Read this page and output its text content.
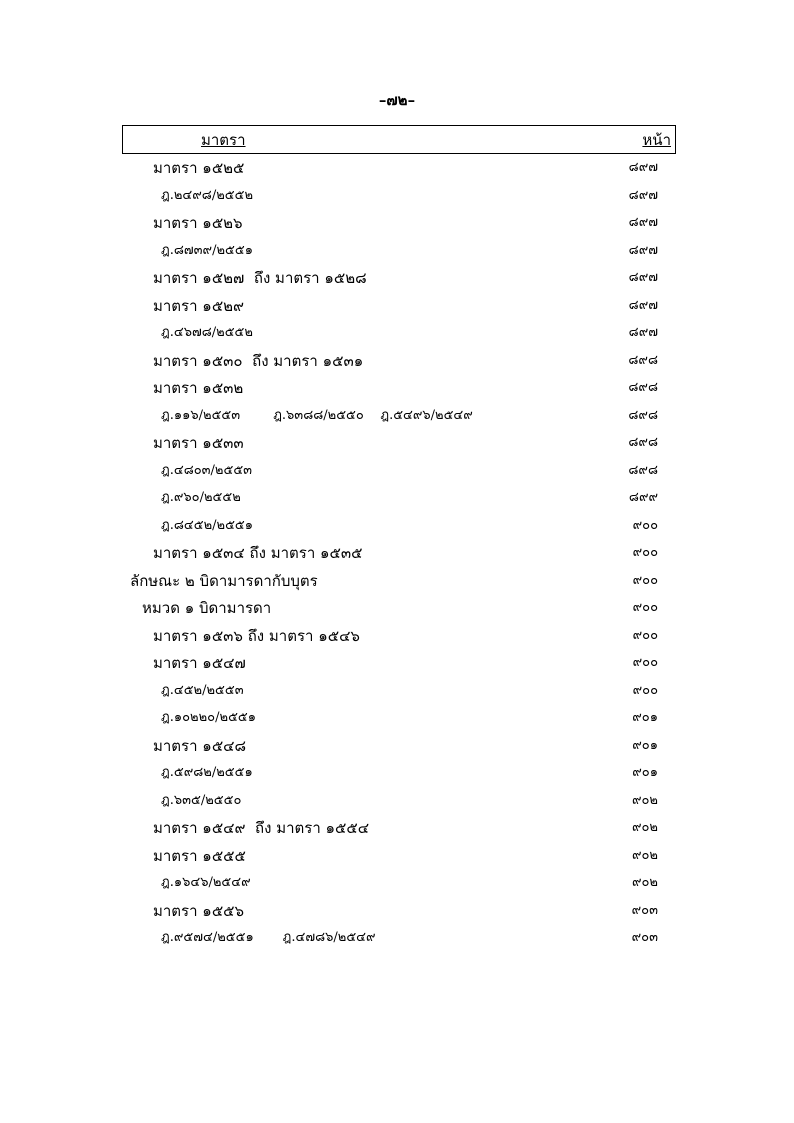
–๗๒–
มาตรา	หน้า
มาตรา ๑๕๒๕	๘๙๗
ฎ.๒๔๙๘/๒๕๕๒	๘๙๗
มาตรา ๑๕๒๖	๘๙๗
ฎ.๘๗๓๙/๒๕๕๑	๘๙๗
มาตรา ๑๕๒๗  ถึง มาตรา ๑๕๒๘	๘๙๗
มาตรา ๑๕๒๙	๘๙๗
ฎ.๔๖๗๘/๒๕๕๒	๘๙๗
มาตรา ๑๕๓๐  ถึง มาตรา ๑๕๓๑	๘๙๘
มาตรา ๑๕๓๒	๘๙๘
ฎ.๑๑๖/๒๕๕๓        ฎ.๖๓๘๘/๒๕๕๐    ฎ.๕๔๙๖/๒๕๔๙	๘๙๘
มาตรา ๑๕๓๓	๘๙๘
ฎ.๔๘๐๓/๒๕๕๓	๘๙๘
ฎ.๙๖๐/๒๕๕๒	๘๙๙
ฎ.๘๔๕๒/๒๕๕๑	๙๐๐
มาตรา ๑๕๓๔ ถึง มาตรา ๑๕๓๕	๙๐๐
ลักษณะ ๒ บิดามารดากับบุตร	๙๐๐
หมวด ๑ บิดามารดา	๙๐๐
มาตรา ๑๕๓๖ ถึง มาตรา ๑๕๔๖	๙๐๐
มาตรา ๑๕๔๗	๙๐๐
ฎ.๔๕๒/๒๕๕๓	๙๐๐
ฎ.๑๐๒๒๐/๒๕๕๑	๙๐๑
มาตรา ๑๕๔๘	๙๐๑
ฎ.๕๙๘๒/๒๕๕๑	๙๐๑
ฎ.๖๓๕/๒๕๕๐	๙๐๒
มาตรา ๑๕๔๙  ถึง มาตรา ๑๕๕๔	๙๐๒
มาตรา ๑๕๕๕	๙๐๒
ฎ.๑๖๔๖/๒๕๔๙	๙๐๒
มาตรา ๑๕๕๖	๙๐๓
ฎ.๙๕๗๔/๒๕๕๑       ฎ.๔๗๘๖/๒๕๔๙	๙๐๓
